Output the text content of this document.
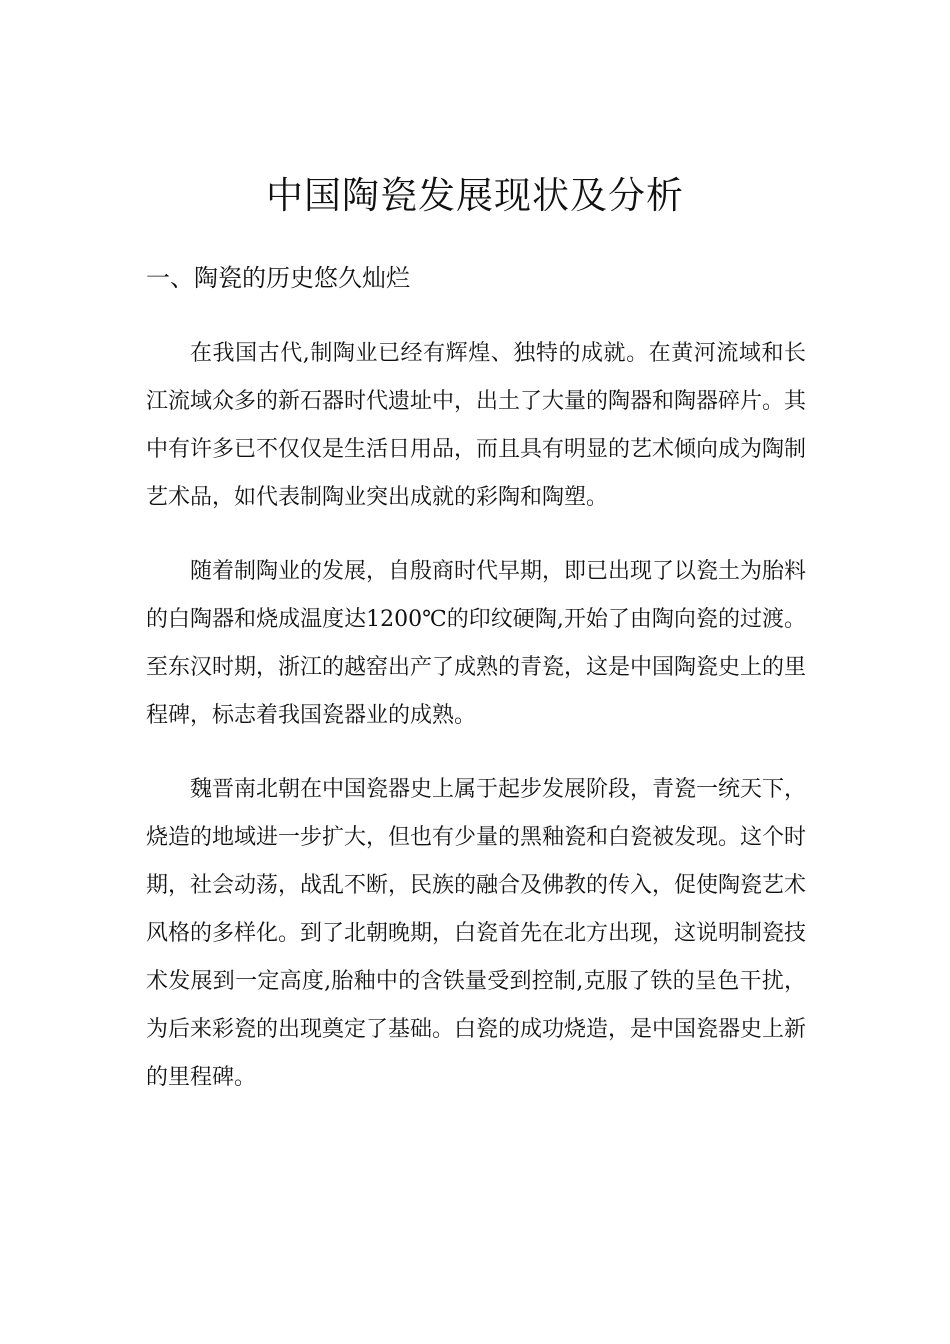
中国陶瓷发展现状及分析
一、陶瓷的历史悠久灿烂

在我国古代,制陶业已经有辉煌、独特的成就。在黄河流域和长江流域众多的新石器时代遗址中，出土了大量的陶器和陶器碎片。其中有许多已不仅仅是生活日用品，而且具有明显的艺术倾向成为陶制艺术品，如代表制陶业突出成就的彩陶和陶塑。

随着制陶业的发展，自殷商时代早期，即已出现了以瓷土为胎料的白陶器和烧成温度达1200℃的印纹硬陶,开始了由陶向瓷的过渡。至东汉时期，浙江的越窑出产了成熟的青瓷，这是中国陶瓷史上的里程碑，标志着我国瓷器业的成熟。

魏晋南北朝在中国瓷器史上属于起步发展阶段，青瓷一统天下，烧造的地域进一步扩大，但也有少量的黑釉瓷和白瓷被发现。这个时期，社会动荡，战乱不断，民族的融合及佛教的传入，促使陶瓷艺术风格的多样化。到了北朝晚期，白瓷首先在北方出现，这说明制瓷技术发展到一定高度,胎釉中的含铁量受到控制,克服了铁的呈色干扰，为后来彩瓷的出现奠定了基础。白瓷的成功烧造，是中国瓷器史上新的里程碑。
